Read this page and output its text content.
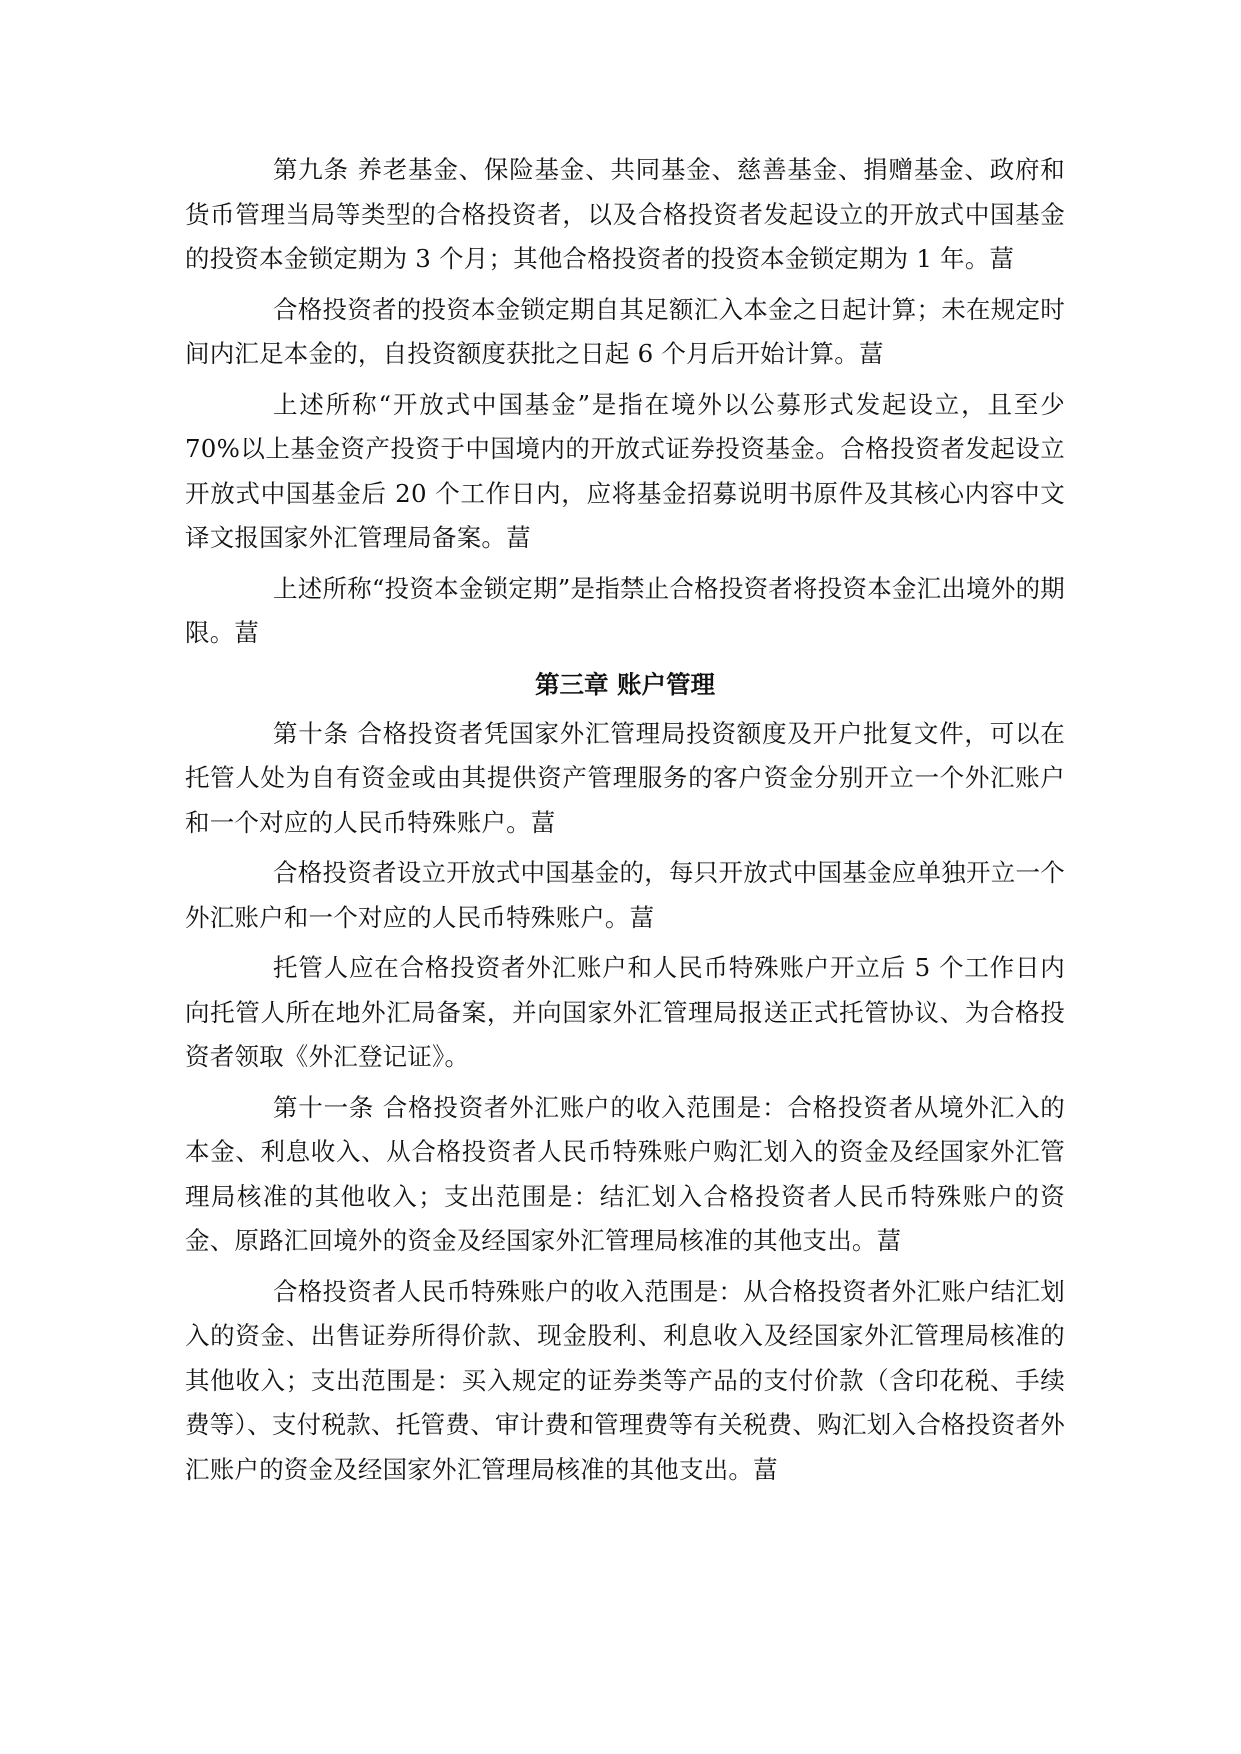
第九条 养老基金、保险基金、共同基金、慈善基金、捐赠基金、政府和货币管理当局等类型的合格投资者，以及合格投资者发起设立的开放式中国基金的投资本金锁定期为 3 个月；其他合格投资者的投资本金锁定期为 1 年。葍

合格投资者的投资本金锁定期自其足额汇入本金之日起计算；未在规定时间内汇足本金的，自投资额度获批之日起 6 个月后开始计算。葍

上述所称“开放式中国基金”是指在境外以公募形式发起设立，且至少 70%以上基金资产投资于中国境内的开放式证券投资基金。合格投资者发起设立开放式中国基金后 20 个工作日内，应将基金招募说明书原件及其核心内容中文译文报国家外汇管理局备案。葍

上述所称“投资本金锁定期”是指禁止合格投资者将投资本金汇出境外的期限。葍

第三章 账户管理

第十条 合格投资者凭国家外汇管理局投资额度及开户批复文件，可以在托管人处为自有资金或由其提供资产管理服务的客户资金分别开立一个外汇账户和一个对应的人民币特殊账户。葍

合格投资者设立开放式中国基金的，每只开放式中国基金应单独开立一个外汇账户和一个对应的人民币特殊账户。葍

托管人应在合格投资者外汇账户和人民币特殊账户开立后 5 个工作日内向托管人所在地外汇局备案，并向国家外汇管理局报送正式托管协议、为合格投资者领取《外汇登记证》。

第十一条 合格投资者外汇账户的收入范围是：合格投资者从境外汇入的本金、利息收入、从合格投资者人民币特殊账户购汇划入的资金及经国家外汇管理局核准的其他收入；支出范围是：结汇划入合格投资者人民币特殊账户的资金、原路汇回境外的资金及经国家外汇管理局核准的其他支出。葍

合格投资者人民币特殊账户的收入范围是：从合格投资者外汇账户结汇划入的资金、出售证券所得价款、现金股利、利息收入及经国家外汇管理局核准的其他收入；支出范围是：买入规定的证券类等产品的支付价款（含印花税、手续费等）、支付税款、托管费、审计费和管理费等有关税费、购汇划入合格投资者外汇账户的资金及经国家外汇管理局核准的其他支出。葍
